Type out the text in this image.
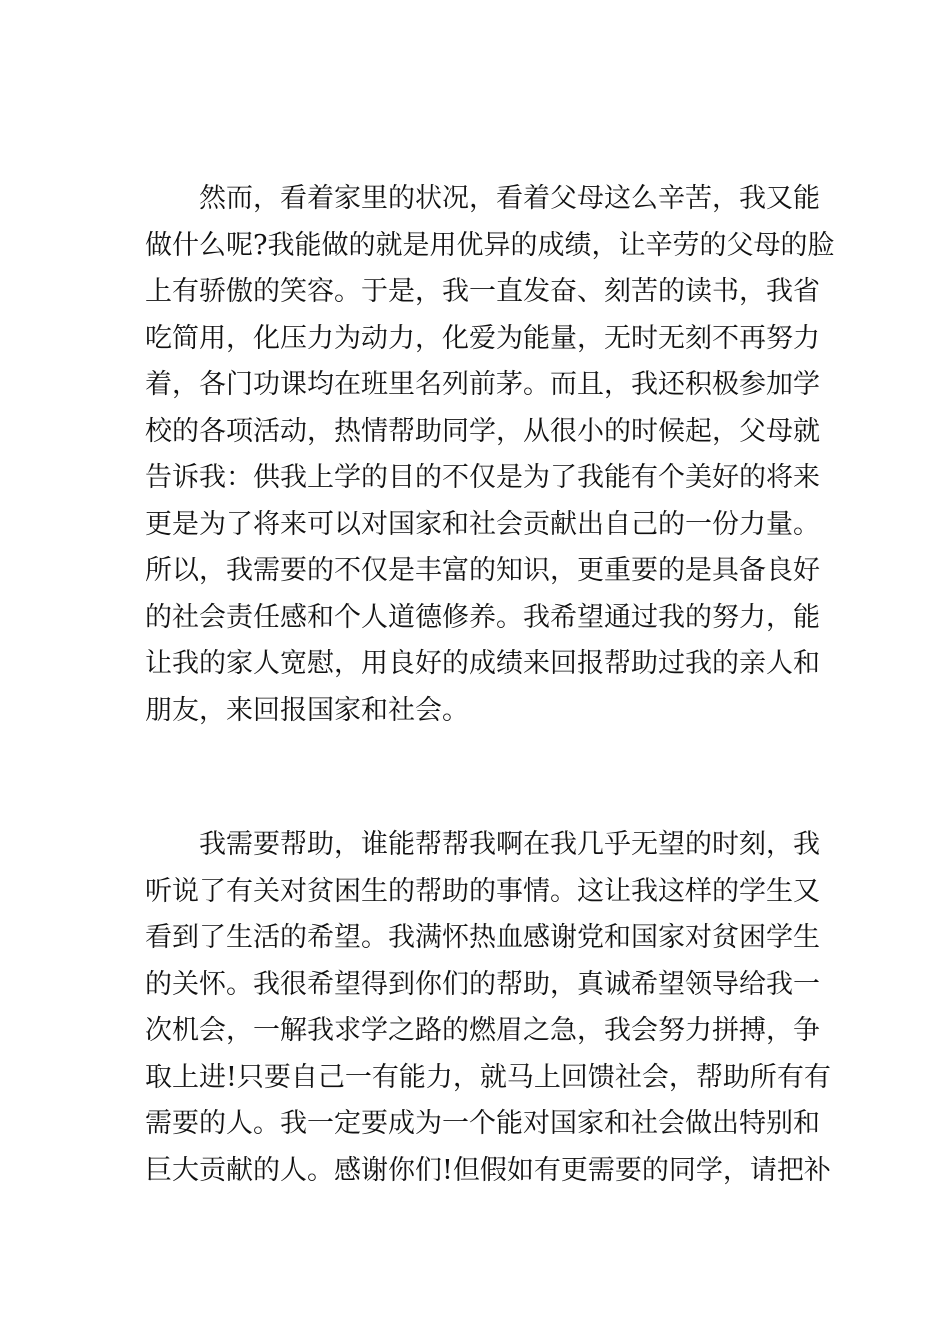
然而，看着家里的状况，看着父母这么辛苦，我又能
做什么呢?我能做的就是用优异的成绩，让辛劳的父母的脸
上有骄傲的笑容。于是，我一直发奋、刻苦的读书，我省
吃简用，化压力为动力，化爱为能量，无时无刻不再努力
着，各门功课均在班里名列前茅。而且，我还积极参加学
校的各项活动，热情帮助同学，从很小的时候起，父母就
告诉我：供我上学的目的不仅是为了我能有个美好的将来
更是为了将来可以对国家和社会贡献出自己的一份力量。
所以，我需要的不仅是丰富的知识，更重要的是具备良好
的社会责任感和个人道德修养。我希望通过我的努力，能
让我的家人宽慰，用良好的成绩来回报帮助过我的亲人和
朋友，来回报国家和社会。
我需要帮助，谁能帮帮我啊在我几乎无望的时刻，我
听说了有关对贫困生的帮助的事情。这让我这样的学生又
看到了生活的希望。我满怀热血感谢党和国家对贫困学生
的关怀。我很希望得到你们的帮助，真诚希望领导给我一
次机会，一解我求学之路的燃眉之急，我会努力拼搏，争
取上进!只要自己一有能力，就马上回馈社会，帮助所有有
需要的人。我一定要成为一个能对国家和社会做出特别和
巨大贡献的人。感谢你们!但假如有更需要的同学，请把补
